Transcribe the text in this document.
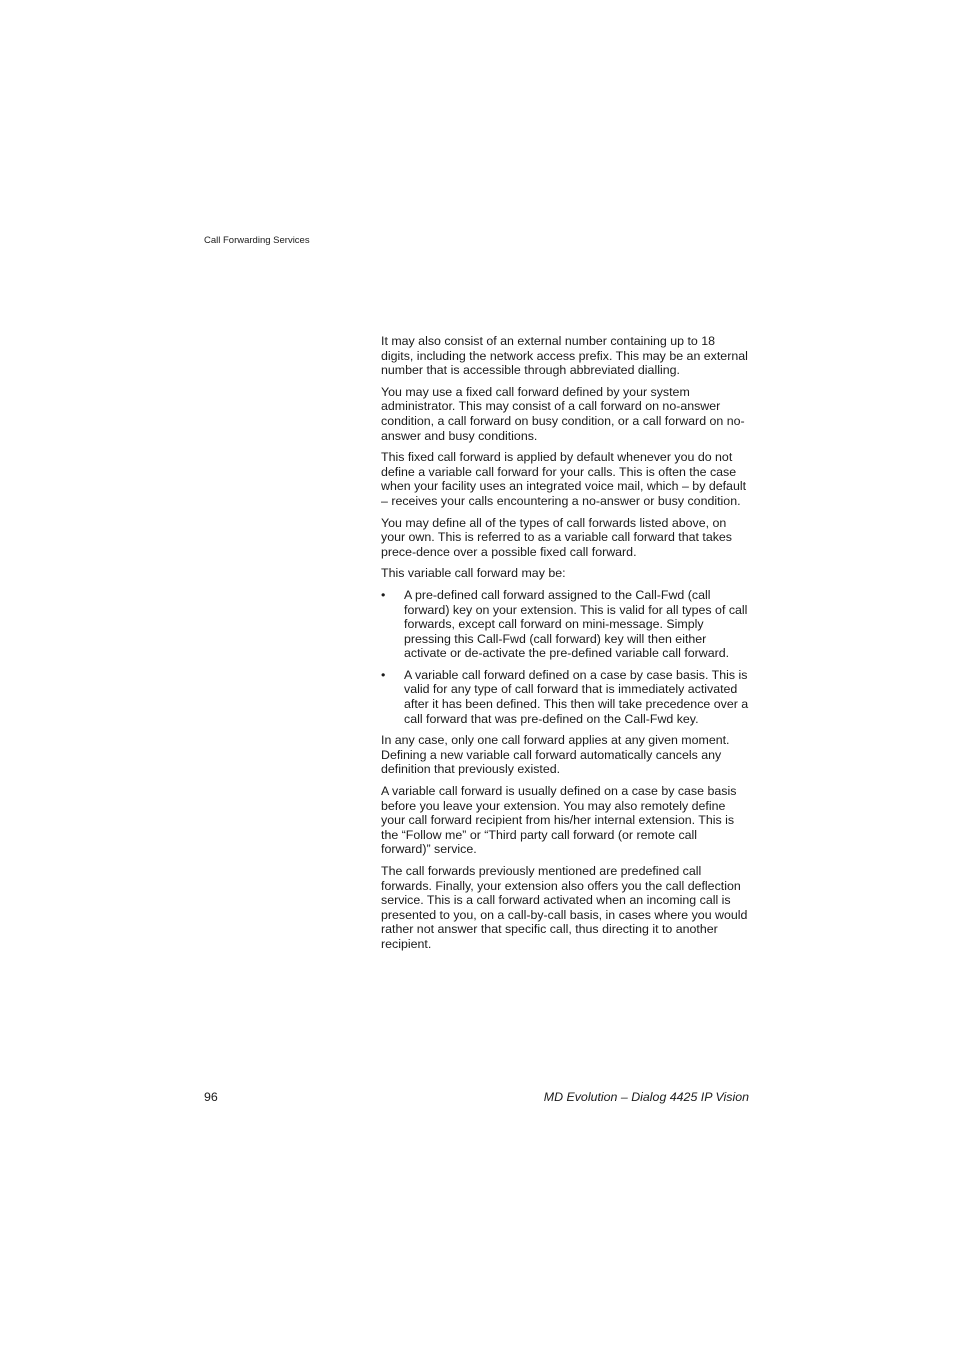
Call Forwarding Services

It may also consist of an external number containing up to 18 digits, including the network access prefix. This may be an external number that is accessible through abbreviated dialling.

You may use a fixed call forward defined by your system administrator. This may consist of a call forward on no-answer condition, a call forward on busy condition, or a call forward on no-answer and busy conditions.

This fixed call forward is applied by default whenever you do not define a variable call forward for your calls. This is often the case when your facility uses an integrated voice mail, which – by default – receives your calls encountering a no-answer or busy condition.

You may define all of the types of call forwards listed above, on your own. This is referred to as a variable call forward that takes prece-dence over a possible fixed call forward.

This variable call forward may be:

• A pre-defined call forward assigned to the Call-Fwd (call forward) key on your extension. This is valid for all types of call forwards, except call forward on mini-message. Simply pressing this Call-Fwd (call forward) key will then either activate or de-activate the pre-defined variable call forward.
• A variable call forward defined on a case by case basis. This is valid for any type of call forward that is immediately activated after it has been defined. This then will take precedence over a call forward that was pre-defined on the Call-Fwd key.

In any case, only one call forward applies at any given moment. Defining a new variable call forward automatically cancels any definition that previously existed.

A variable call forward is usually defined on a case by case basis before you leave your extension. You may also remotely define your call forward recipient from his/her internal extension. This is the “Follow me” or “Third party call forward (or remote call forward)” service.

The call forwards previously mentioned are predefined call forwards. Finally, your extension also offers you the call deflection service. This is a call forward activated when an incoming call is presented to you, on a call-by-call basis, in cases where you would rather not answer that specific call, thus directing it to another recipient.

96	MD Evolution – Dialog 4425 IP Vision
